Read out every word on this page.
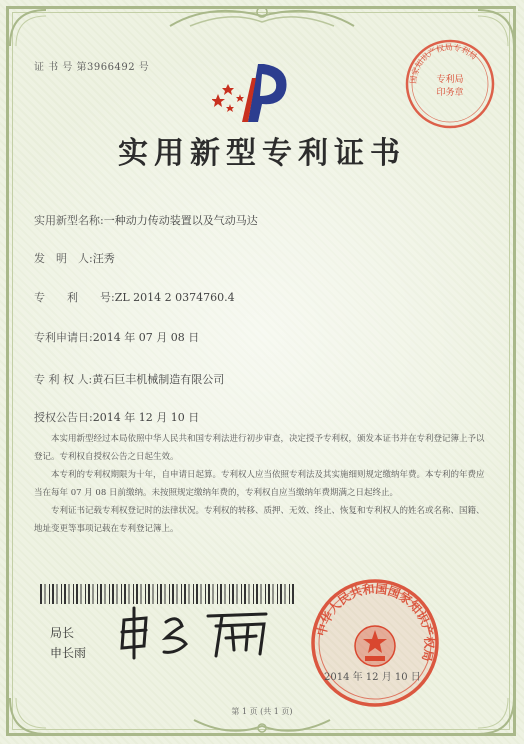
证 书 号 第3966492 号
国家知识产权局专利局
专利局
印务章
实用新型专利证书
实用新型名称:一种动力传动装置以及气动马达
发　明　人:汪秀
专　　利　　号:ZL 2014 2 0374760.4
专利申请日:2014 年 07 月 08 日
专 利 权 人:黄石巨丰机械制造有限公司
授权公告日:2014 年 12 月 10 日

本实用新型经过本局依照中华人民共和国专利法进行初步审查，决定授予专利权，颁发本证书并在专利登记簿上予以登记。专利权自授权公告之日起生效。

本专利的专利权期限为十年，自申请日起算。专利权人应当依照专利法及其实施细则规定缴纳年费。本专利的年费应当在每年 07 月 08 日前缴纳。未按照规定缴纳年费的，专利权自应当缴纳年费期满之日起终止。

专利证书记载专利权登记时的法律状况。专利权的转移、质押、无效、终止、恢复和专利权人的姓名或名称、国籍、地址变更等事项记载在专利登记簿上。

局长
申长雨
中华人民共和国国家知识产权局
2014 年 12 月 10 日
第 1 页 (共 1 页)
